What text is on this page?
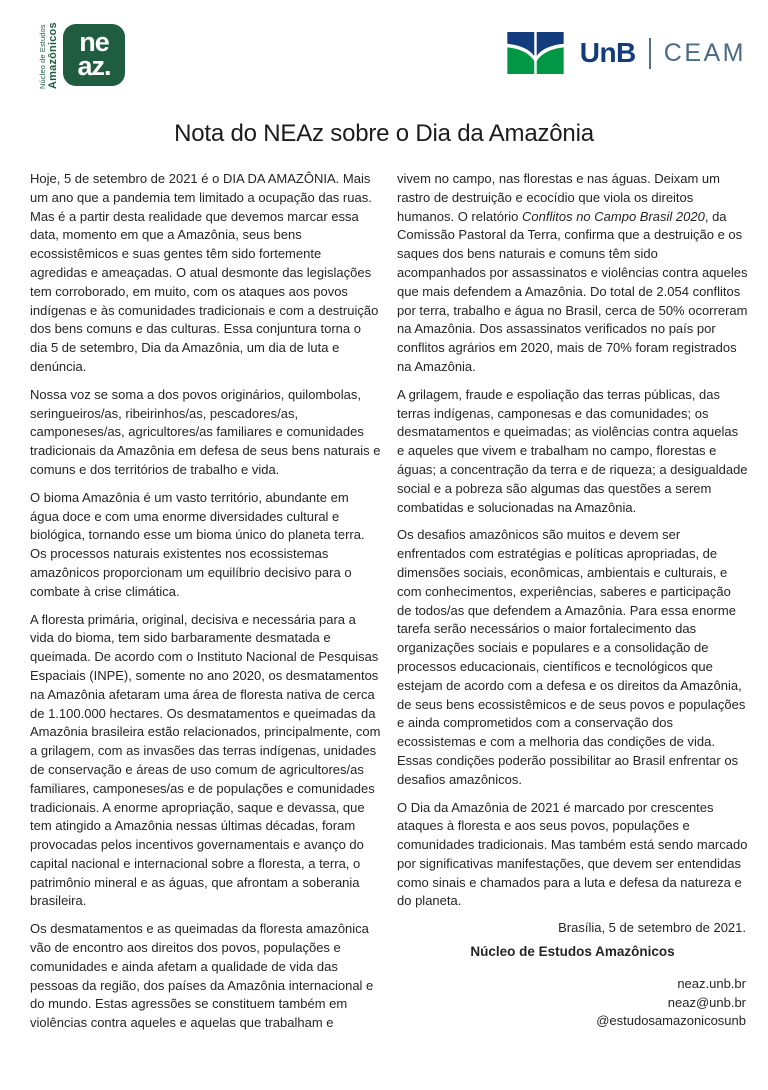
Núcleo de Estudos Amazônicos ne
az.	UnB CEAM
Nota do NEAz sobre o Dia da Amazônia

Hoje, 5 de setembro de 2021 é o DIA DA AMAZÔNIA. Mais um ano que a pandemia tem limitado a ocupação das ruas. Mas é a partir desta realidade que devemos marcar essa data, momento em que a Amazônia, seus bens ecossistêmicos e suas gentes têm sido fortemente agredidas e ameaçadas. O atual desmonte das legislações tem corroborado, em muito, com os ataques aos povos indígenas e às comunidades tradicionais e com a destruição dos bens comuns e das culturas. Essa conjuntura torna o dia 5 de setembro, Dia da Amazônia, um dia de luta e denúncia.

Nossa voz se soma a dos povos originários, quilombolas, seringueiros/as, ribeirinhos/as, pescadores/as, camponeses/as, agricultores/as familiares e comunidades tradicionais da Amazônia em defesa de seus bens naturais e comuns e dos territórios de trabalho e vida.

O bioma Amazônia é um vasto território, abundante em água doce e com uma enorme diversidades cultural e biológica, tornando esse um bioma único do planeta terra. Os processos naturais existentes nos ecossistemas amazônicos proporcionam um equilíbrio decisivo para o combate à crise climática.

A floresta primária, original, decisiva e necessária para a vida do bioma, tem sido barbaramente desmatada e queimada. De acordo com o Instituto Nacional de Pesquisas Espaciais (INPE), somente no ano 2020, os desmatamentos na Amazônia afetaram uma área de floresta nativa de cerca de 1.100.000 hectares. Os desmatamentos e queimadas da Amazônia brasileira estão relacionados, principalmente, com a grilagem, com as invasões das terras indígenas, unidades de conservação e áreas de uso comum de agricultores/as familiares, camponeses/as e de populações e comunidades tradicionais. A enorme apropriação, saque e devassa, que tem atingido a Amazônia nessas últimas décadas, foram provocadas pelos incentivos governamentais e avanço do capital nacional e internacional sobre a floresta, a terra, o patrimônio mineral e as águas, que afrontam a soberania brasileira.

Os desmatamentos e as queimadas da floresta amazônica vão de encontro aos direitos dos povos, populações e comunidades e ainda afetam a qualidade de vida das pessoas da região, dos países da Amazônia internacional e do mundo. Estas agressões se constituem também em violências contra aqueles e aquelas que trabalham e

vivem no campo, nas florestas e nas águas. Deixam um rastro de destruição e ecocídio que viola os direitos humanos. O relatório Conflitos no Campo Brasil 2020, da Comissão Pastoral da Terra, confirma que a destruição e os saques dos bens naturais e comuns têm sido acompanhados por assassinatos e violências contra aqueles que mais defendem a Amazônia. Do total de 2.054 conflitos por terra, trabalho e água no Brasil, cerca de 50% ocorreram na Amazônia. Dos assassinatos verificados no país por conflitos agrários em 2020, mais de 70% foram registrados na Amazônia.

A grilagem, fraude e espoliação das terras públicas, das terras indígenas, camponesas e das comunidades; os desmatamentos e queimadas; as violências contra aquelas e aqueles que vivem e trabalham no campo, florestas e águas; a concentração da terra e de riqueza; a desigualdade social e a pobreza são algumas das questões a serem combatidas e solucionadas na Amazônia.

Os desafios amazônicos são muitos e devem ser enfrentados com estratégias e políticas apropriadas, de dimensões sociais, econômicas, ambientais e culturais, e com conhecimentos, experiências, saberes e participação de todos/as que defendem a Amazônia. Para essa enorme tarefa serão necessários o maior fortalecimento das organizações sociais e populares e a consolidação de processos educacionais, científicos e tecnológicos que estejam de acordo com a defesa e os direitos da Amazônia, de seus bens ecossistêmicos e de seus povos e populações e ainda comprometidos com a conservação dos ecossistemas e com a melhoria das condições de vida. Essas condições poderão possibilitar ao Brasil enfrentar os desafios amazônicos.

O Dia da Amazônia de 2021 é marcado por crescentes ataques à floresta e aos seus povos, populações e comunidades tradicionais. Mas também está sendo marcado por significativas manifestações, que devem ser entendidas como sinais e chamados para a luta e defesa da natureza e do planeta.

Brasília, 5 de setembro de 2021.

Núcleo de Estudos Amazônicos

neaz.unb.br
neaz@unb.br
@estudosamazonicosunb
